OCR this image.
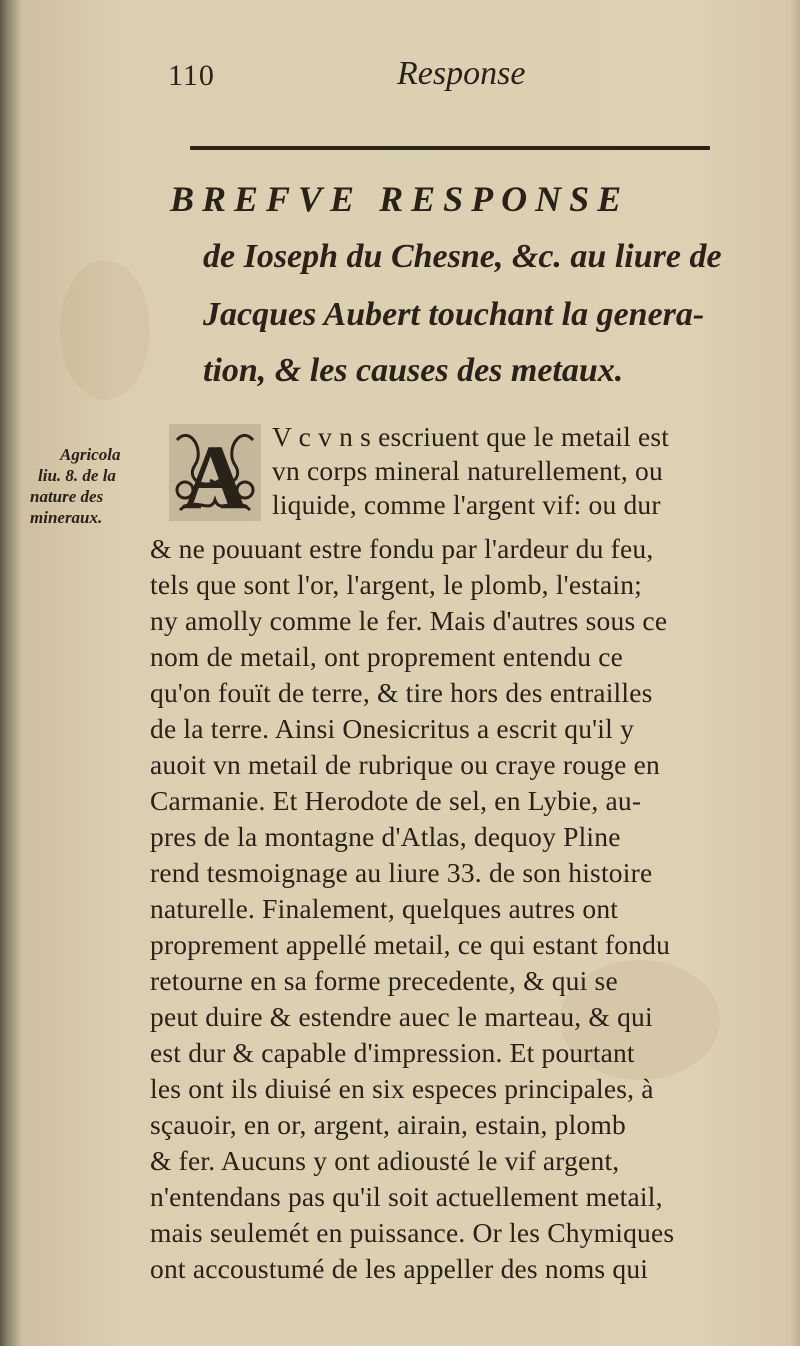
110	Response
BREFVE RESPONSE
de Ioseph du Chesne, &c. au liure de
Jacques Aubert touchant la genera-
tion, & les causes des metaux.
A
Agricola
liu. 8. de la
nature des
mineraux.
V c v n s escriuent que le metail est
vn corps mineral naturellement, ou
liquide, comme l'argent vif: ou dur
& ne pouuant estre fondu par l'ardeur du feu,
tels que sont l'or, l'argent, le plomb, l'estain;
ny amolly comme le fer. Mais d'autres sous ce
nom de metail, ont proprement entendu ce
qu'on fouït de terre, & tire hors des entrailles
de la terre. Ainsi Onesicritus a escrit qu'il y
auoit vn metail de rubrique ou craye rouge en
Carmanie. Et Herodote de sel, en Lybie, au-
pres de la montagne d'Atlas, dequoy Pline
rend tesmoignage au liure 33. de son histoire
naturelle. Finalement, quelques autres ont
proprement appellé metail, ce qui estant fondu
retourne en sa forme precedente, & qui se
peut duire & estendre auec le marteau, & qui
est dur & capable d'impression. Et pourtant
les ont ils diuisé en six especes principales, à
sçauoir, en or, argent, airain, estain, plomb
& fer. Aucuns y ont adiousté le vif argent,
n'entendans pas qu'il soit actuellement metail,
mais seulemét en puissance. Or les Chymiques
ont accoustumé de les appeller des noms qui
